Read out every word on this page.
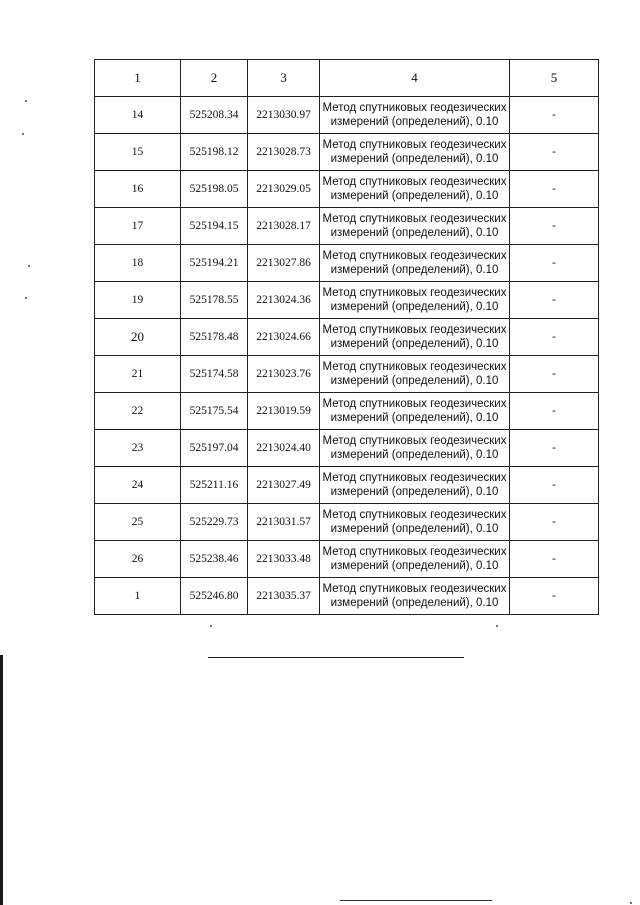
1	2	3	4	5
14	525208.34	2213030.97	Метод спутниковых геодезических
измерений (определений), 0.10	-
15	525198.12	2213028.73	Метод спутниковых геодезических
измерений (определений), 0.10	-
16	525198.05	2213029.05	Метод спутниковых геодезических
измерений (определений), 0.10	-
17	525194.15	2213028.17	Метод спутниковых геодезических
измерений (определений), 0.10	-
18	525194.21	2213027.86	Метод спутниковых геодезических
измерений (определений), 0.10	-
19	525178.55	2213024.36	Метод спутниковых геодезических
измерений (определений), 0.10	-
20	525178.48	2213024.66	Метод спутниковых геодезических
измерений (определений), 0.10	-
21	525174.58	2213023.76	Метод спутниковых геодезических
измерений (определений), 0.10	-
22	525175.54	2213019.59	Метод спутниковых геодезических
измерений (определений), 0.10	-
23	525197.04	2213024.40	Метод спутниковых геодезических
измерений (определений), 0.10	-
24	525211.16	2213027.49	Метод спутниковых геодезических
измерений (определений), 0.10	-
25	525229.73	2213031.57	Метод спутниковых геодезических
измерений (определений), 0.10	-
26	525238.46	2213033.48	Метод спутниковых геодезических
измерений (определений), 0.10	-
1	525246.80	2213035.37	Метод спутниковых геодезических
измерений (определений), 0.10	-
